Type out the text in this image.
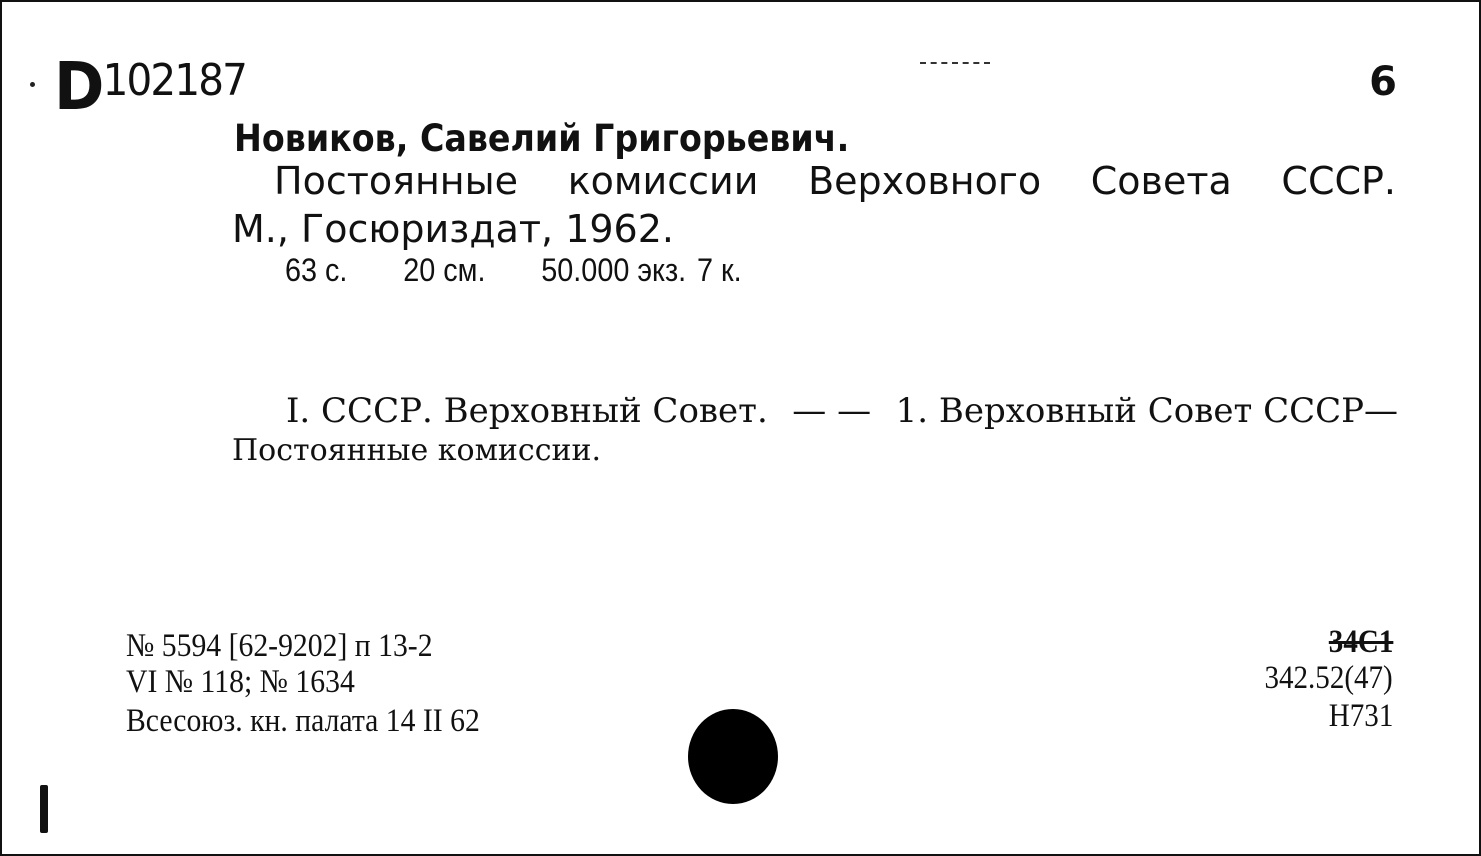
$D^{102187}$	6
Новиков, Савелий Григорьевич.
Постоянные комиссии Верховного Совета СССР.
М., Госюриздат, 1962.
63 с. 20 см. 50.000 экз. 7 к.
I. СССР. Верховный Совет. — — 1. Верховный Совет СССР—
Постоянные комиссии.
№ 5594 [62-9202] п 13-2
VI № 118; № 1634
Всесоюз. кн. палата 14 II 62
34C1
342.52(47)
Н731
